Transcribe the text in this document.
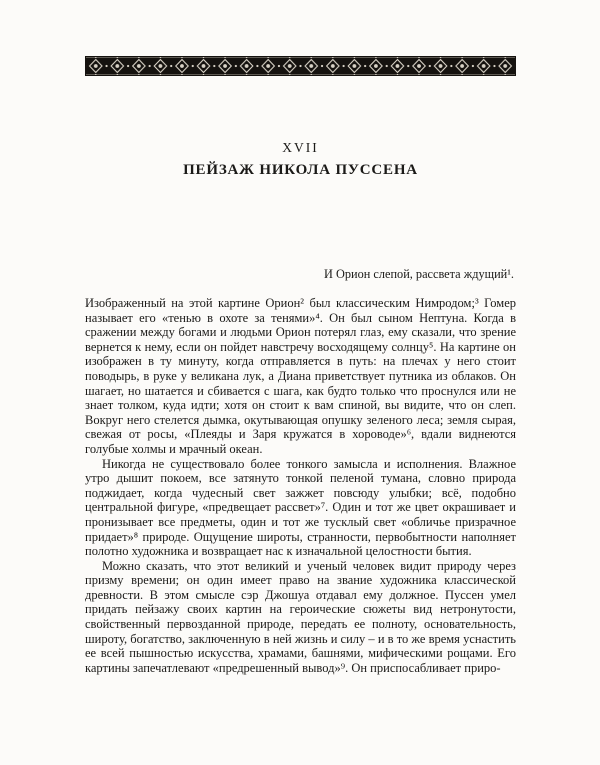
XVII
ПЕЙЗАЖ НИКОЛА ПУССЕНА
И Орион слепой, рассвета ждущий¹.

Изображенный на этой картине Орион² был классическим Нимродом;³ Гомер называет его «тенью в охоте за тенями»⁴. Он был сыном Нептуна. Когда в сражении между богами и людьми Орион потерял глаз, ему сказали, что зрение вернется к нему, если он пойдет навстречу восходящему солнцу⁵. На картине он изображен в ту минуту, когда отправляется в путь: на плечах у него стоит поводырь, в руке у великана лук, а Диана приветствует путника из облаков. Он шагает, но шатается и сбивается с шага, как будто только что проснулся или не знает толком, куда идти; хотя он стоит к вам спиной, вы видите, что он слеп. Вокруг него стелется дымка, окутывающая опушку зеленого леса; земля сырая, свежая от росы, «Плеяды и Заря кружатся в хороводе»⁶, вдали виднеются голубые холмы и мрачный океан.

Никогда не существовало более тонкого замысла и исполнения. Влажное утро дышит покоем, все затянуто тонкой пеленой тумана, словно природа поджидает, когда чудесный свет зажжет повсюду улыбки; всё, подобно центральной фигуре, «предвещает рассвет»⁷. Один и тот же цвет окрашивает и пронизывает все предметы, один и тот же тусклый свет «обличье призрачное придает»⁸ природе. Ощущение широты, странности, первобытности наполняет полотно художника и возвращает нас к изначальной целостности бытия.

Можно сказать, что этот великий и ученый человек видит природу через призму времени; он один имеет право на звание художника классической древности. В этом смысле сэр Джошуа отдавал ему должное. Пуссен умел придать пейзажу своих картин на героические сюжеты вид нетронутости, свойственный первозданной природе, передать ее полноту, основательность, широту, богатство, заключенную в ней жизнь и силу – и в то же время уснастить ее всей пышностью искусства, храмами, башнями, мифическими рощами. Его картины запечатлевают «предрешенный вывод»⁹. Он приспосабливает приро-
